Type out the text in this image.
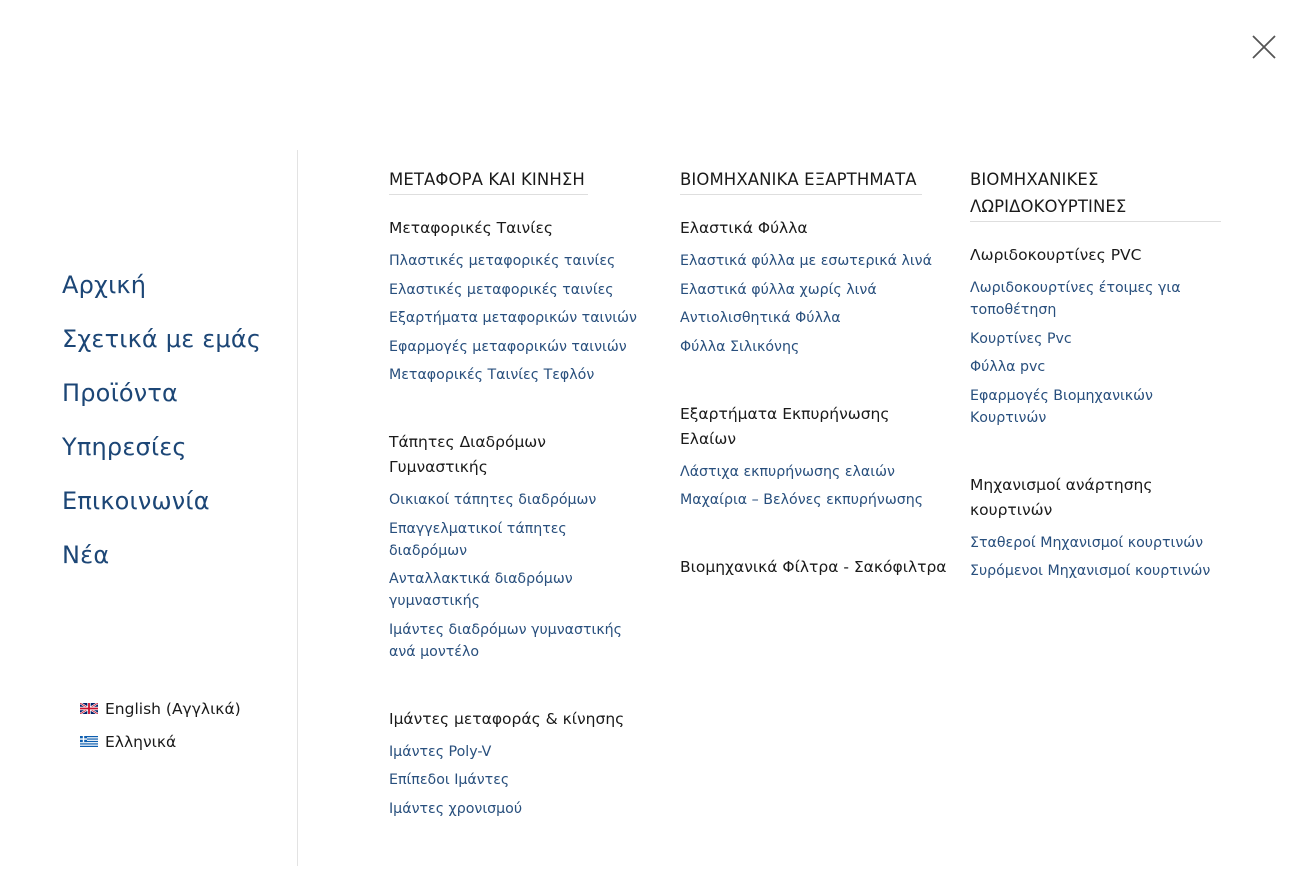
Αρχική
Σχετικά με εμάς
Προϊόντα
Υπηρεσίες
Επικοινωνία
Νέα
English (Αγγλικά)
Ελληνικά
ΜΕΤΑΦΟΡΑ ΚΑΙ ΚΙΝΗΣΗ
Μεταφορικές Ταινίες
Πλαστικές μεταφορικές ταινίες
Ελαστικές μεταφορικές ταινίες
Εξαρτήματα μεταφορικών ταινιών
Εφαρμογές μεταφορικών ταινιών
Μεταφορικές Ταινίες Τεφλόν
Τάπητες Διαδρόμων Γυμναστικής
Οικιακοί τάπητες διαδρόμων
Επαγγελματικοί τάπητες διαδρόμων
Ανταλλακτικά διαδρόμων γυμναστικής
Ιμάντες διαδρόμων γυμναστικής ανά μοντέλο
Ιμάντες μεταφοράς & κίνησης
Ιμάντες Poly-V
Επίπεδοι Ιμάντες
Ιμάντες χρονισμού
ΒΙΟΜΗΧΑΝΙΚΑ ΕΞΑΡΤΗΜΑΤΑ
Ελαστικά Φύλλα
Ελαστικά φύλλα με εσωτερικά λινά
Ελαστικά φύλλα χωρίς λινά
Αντιολισθητικά Φύλλα
Φύλλα Σιλικόνης
Εξαρτήματα Εκπυρήνωσης Ελαίων
Λάστιχα εκπυρήνωσης ελαιών
Μαχαίρια – Βελόνες εκπυρήνωσης
Βιομηχανικά Φίλτρα - Σακόφιλτρα
ΒΙΟΜΗΧΑΝΙΚΕΣ ΛΩΡΙΔΟΚΟΥΡΤΙΝΕΣ
Λωριδοκουρτίνες PVC
Λωριδοκουρτίνες έτοιμες για τοποθέτηση
Κουρτίνες Pvc
Φύλλα pvc
Εφαρμογές Βιομηχανικών Κουρτινών
Μηχανισμοί ανάρτησης κουρτινών
Σταθεροί Μηχανισμοί κουρτινών
Συρόμενοι Μηχανισμοί κουρτινών
